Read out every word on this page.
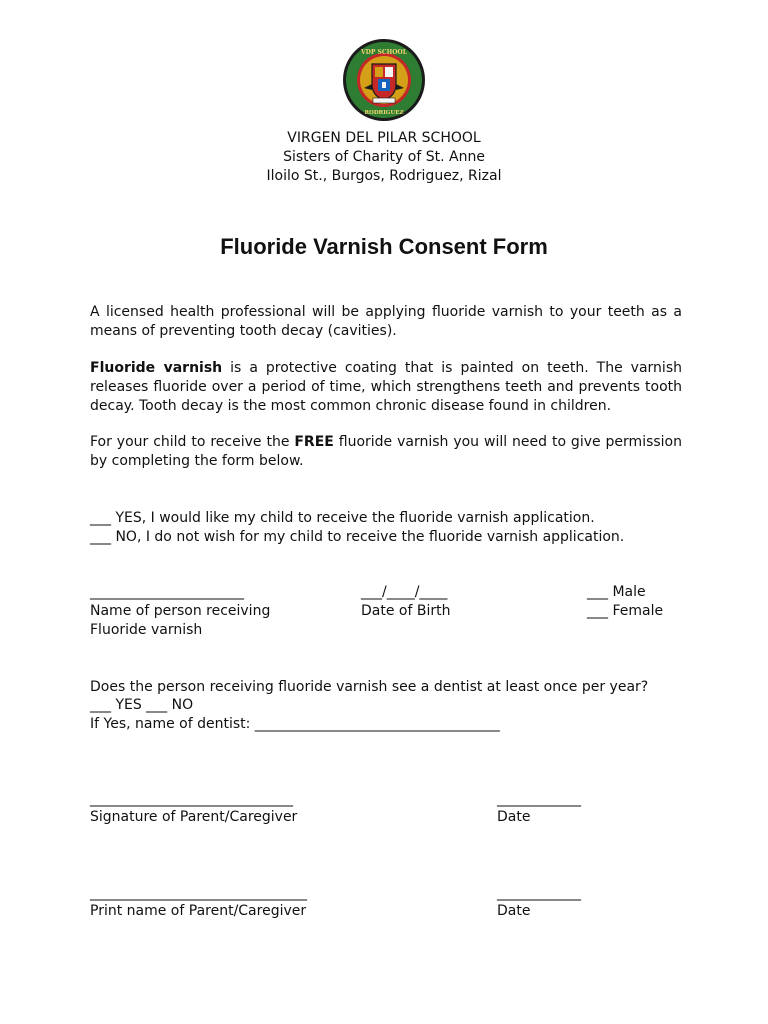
VDP SCHOOL
RODRIGUEZ
VIRGEN DEL PILAR SCHOOL
Sisters of Charity of St. Anne
Iloilo St., Burgos, Rodriguez, Rizal
Fluoride Varnish Consent Form
A licensed health professional will be applying fluoride varnish to your teeth as a means of preventing tooth decay (cavities).
Fluoride varnish is a protective coating that is painted on teeth. The varnish releases fluoride over a period of time, which strengthens teeth and prevents tooth decay. Tooth decay is the most common chronic disease found in children.
For your child to receive the FREE fluoride varnish you will need to give permission by completing the form below.
___ YES, I would like my child to receive the fluoride varnish application.
___ NO, I do not wish for my child to receive the fluoride varnish application.
______________________
Name of person receiving
Fluoride varnish
___/____/____
Date of Birth
___ Male
___ Female
Does the person receiving fluoride varnish see a dentist at least once per year?
___ YES ___ NO
If Yes, name of dentist: ___________________________________
_____________________________
Signature of Parent/Caregiver
____________
Date
_______________________________
Print name of Parent/Caregiver
____________
Date
